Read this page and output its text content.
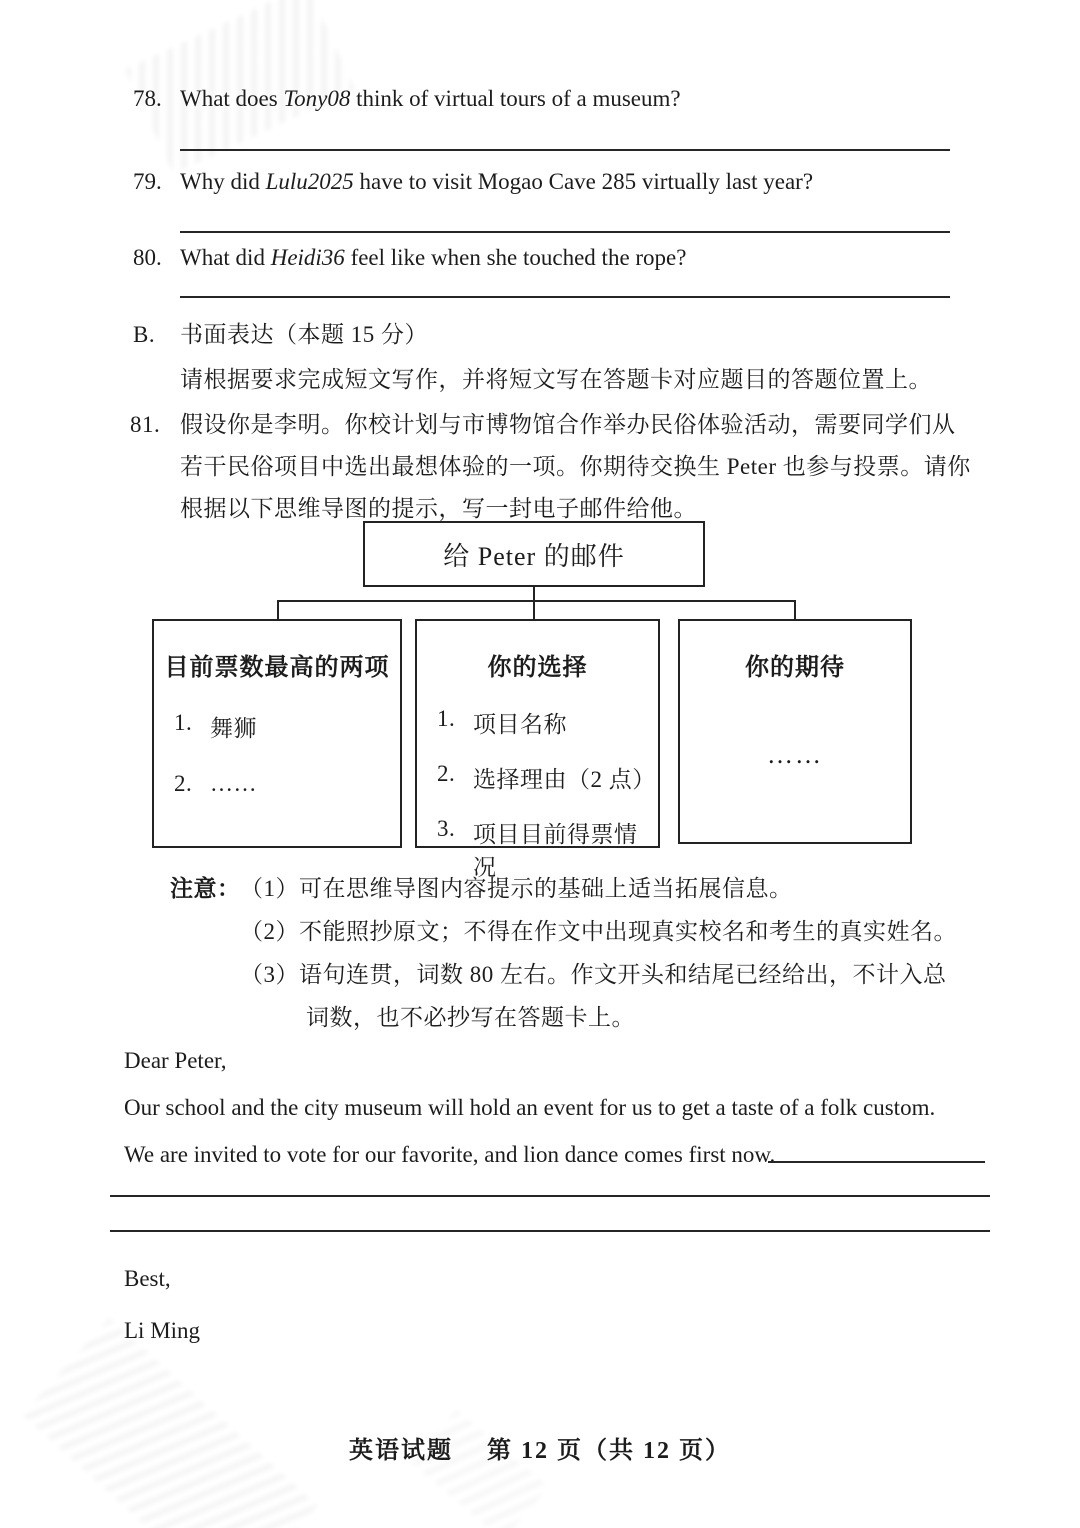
78. What does Tony08 think of virtual tours of a museum?
79. Why did Lulu2025 have to visit Mogao Cave 285 virtually last year?
80. What did Heidi36 feel like when she touched the rope?
B.	书面表达（本题 15 分）
请根据要求完成短文写作，并将短文写在答题卡对应题目的答题位置上。
81. 假设你是李明。你校计划与市博物馆合作举办民俗体验活动，需要同学们从
若干民俗项目中选出最想体验的一项。你期待交换生 Peter 也参与投票。请你
根据以下思维导图的提示，写一封电子邮件给他。
给 Peter 的邮件
目前票数最高的两项
1. 舞狮
2. ……
你的选择
1. 项目名称
2. 选择理由（2 点）
3. 项目目前得票情况
你的期待
……
注意： （1）可在思维导图内容提示的基础上适当拓展信息。
（2）不能照抄原文；不得在作文中出现真实校名和考生的真实姓名。
（3）语句连贯，词数 80 左右。作文开头和结尾已经给出，不计入总
词数，也不必抄写在答题卡上。
Dear Peter,
Our school and the city museum will hold an event for us to get a taste of a folk custom.
We are invited to vote for our favorite, and lion dance comes first now.
Best,
Li Ming
英语试题 第 12 页（共 12 页）
